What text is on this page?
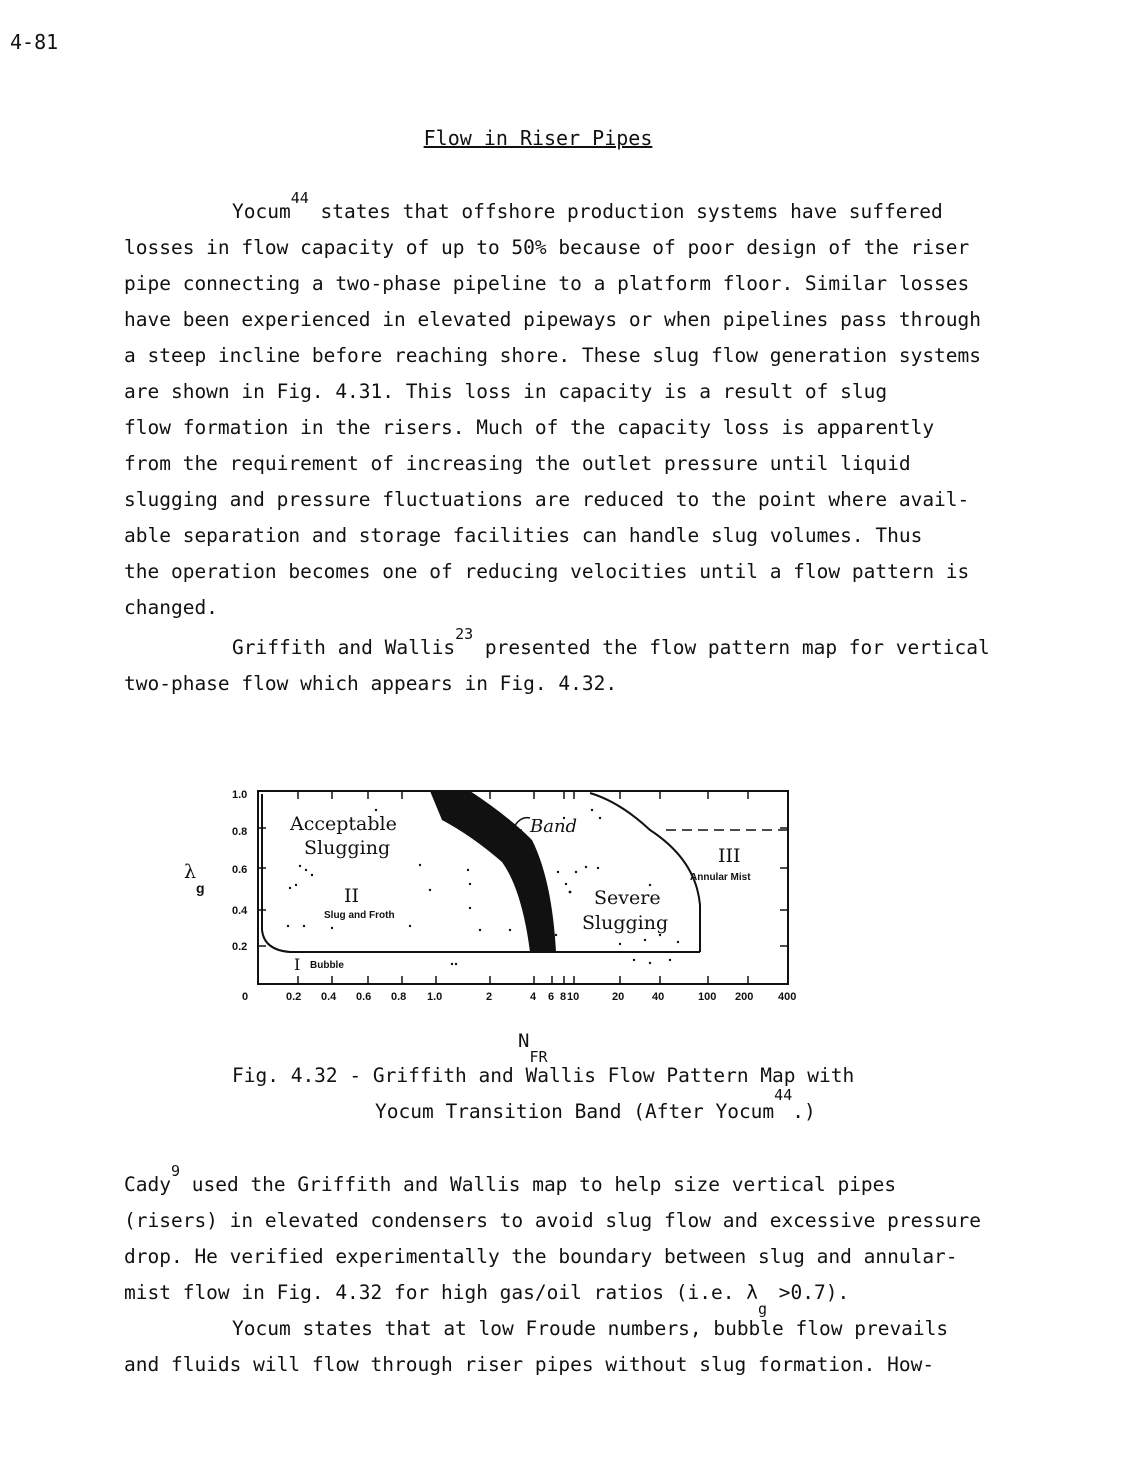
4-81
Flow in Riser Pipes
Yocum$^{44}$ states that offshore production systems have suffered
losses in flow capacity of up to 50% because of poor design of the riser
pipe connecting a two-phase pipeline to a platform floor. Similar losses
have been experienced in elevated pipeways or when pipelines pass through
a steep incline before reaching shore. These slug flow generation systems
are shown in Fig. 4.31. This loss in capacity is a result of slug
flow formation in the risers. Much of the capacity loss is apparently
from the requirement of increasing the outlet pressure until liquid
slugging and pressure fluctuations are reduced to the point where avail-
able separation and storage facilities can handle slug volumes. Thus
the operation becomes one of reducing velocities until a flow pattern is
changed.
Griffith and Wallis$^{23}$ presented the flow pattern map for vertical
two-phase flow which appears in Fig. 4.32.
λ
g
1.0
0.8
0.6
0.4
0.2
0	0.2 0.4 0.6 0.8 1.0	2	4 6 8 10	20	40	100 200 400
Acceptable
Slugging
II
Slug and Froth
I Bubble
Severe
Slugging
III
Annular Mist
Band
$N_{FR}$
Fig. 4.32 - Griffith and Wallis Flow Pattern Map with
Yocum Transition Band (After Yocum$^{44}$.)
Cady$^9$ used the Griffith and Wallis map to help size vertical pipes
(risers) in elevated condensers to avoid slug flow and excessive pressure
drop. He verified experimentally the boundary between slug and annular-
mist flow in Fig. 4.32 for high gas/oil ratios (i.e. $\lambda_g >0.7$).
Yocum states that at low Froude numbers, bubble flow prevails
and fluids will flow through riser pipes without slug formation. How-
